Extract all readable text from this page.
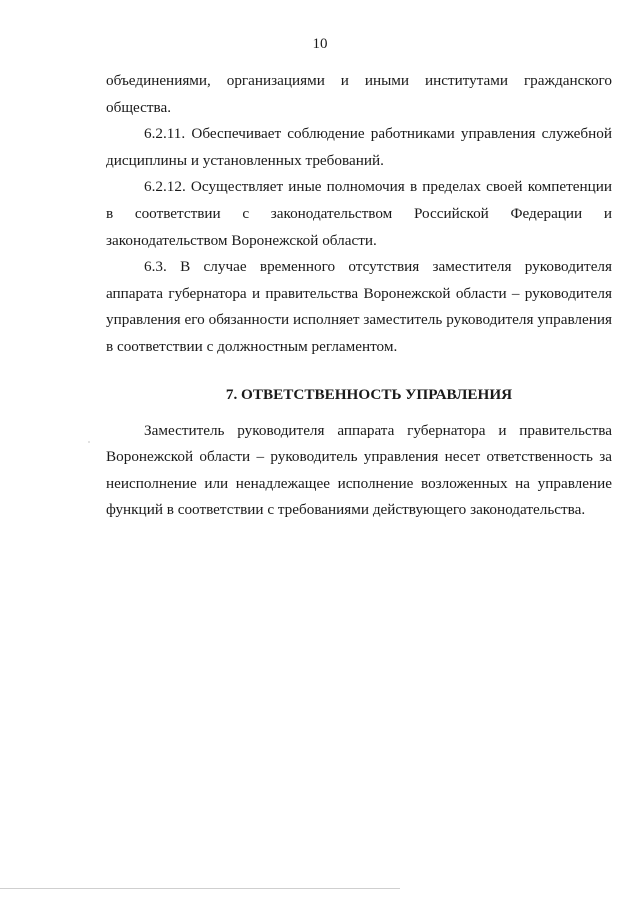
10

объединениями, организациями и иными институтами гражданского общества.

6.2.11. Обеспечивает соблюдение работниками управления служебной дисциплины и установленных требований.

6.2.12. Осуществляет иные полномочия в пределах своей компетенции в соответствии с законодательством Российской Федерации и законодательством Воронежской области.

6.3. В случае временного отсутствия заместителя руководителя аппарата губернатора и правительства Воронежской области – руководителя управления его обязанности исполняет заместитель руководителя управления в соответствии с должностным регламентом.

7. ОТВЕТСТВЕННОСТЬ УПРАВЛЕНИЯ

Заместитель руководителя аппарата губернатора и правительства Воронежской области – руководитель управления несет ответственность за неисполнение или ненадлежащее исполнение возложенных на управление функций в соответствии с требованиями действующего законодательства.
